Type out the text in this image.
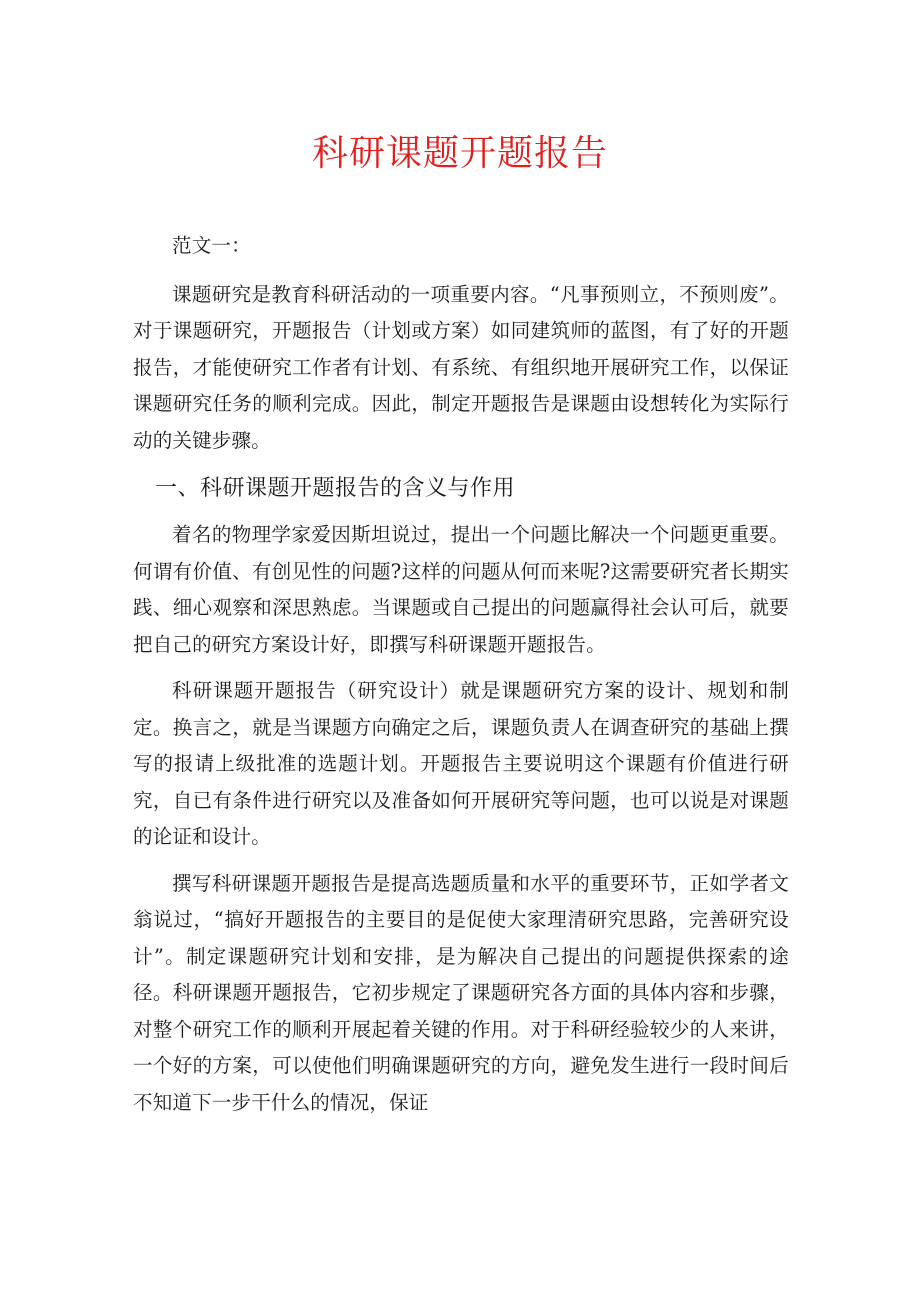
科研课题开题报告

范文一：

课题研究是教育科研活动的一项重要内容。“凡事预则立，不预则废”。对于课题研究，开题报告（计划或方案）如同建筑师的蓝图，有了好的开题报告，才能使研究工作者有计划、有系统、有组织地开展研究工作，以保证课题研究任务的顺利完成。因此，制定开题报告是课题由设想转化为实际行动的关键步骤。

一、科研课题开题报告的含义与作用

着名的物理学家爱因斯坦说过，提出一个问题比解决一个问题更重要。何谓有价值、有创见性的问题?这样的问题从何而来呢?这需要研究者长期实践、细心观察和深思熟虑。当课题或自己提出的问题赢得社会认可后，就要把自己的研究方案设计好，即撰写科研课题开题报告。

科研课题开题报告（研究设计）就是课题研究方案的设计、规划和制定。换言之，就是当课题方向确定之后，课题负责人在调查研究的基础上撰写的报请上级批准的选题计划。开题报告主要说明这个课题有价值进行研究，自已有条件进行研究以及准备如何开展研究等问题，也可以说是对课题的论证和设计。

撰写科研课题开题报告是提高选题质量和水平的重要环节，正如学者文翁说过，“搞好开题报告的主要目的是促使大家理清研究思路，完善研究设计”。制定课题研究计划和安排，是为解决自己提出的问题提供探索的途径。科研课题开题报告，它初步规定了课题研究各方面的具体内容和步骤，对整个研究工作的顺利开展起着关键的作用。对于科研经验较少的人来讲，一个好的方案，可以使他们明确课题研究的方向，避免发生进行一段时间后不知道下一步干什么的情况，保证
